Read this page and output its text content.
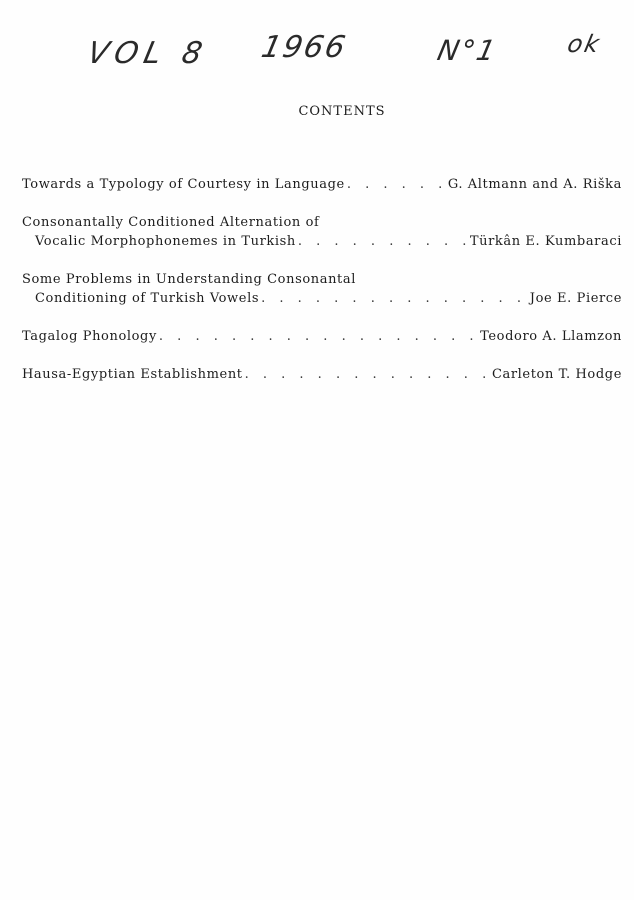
VOL 8 1966	N°1	ok
CONTENTS
Towards a Typology of Courtesy in Language . . .	G. Altmann and A. Riška
Consonantally Conditioned Alternation of
Vocalic Morphophonemes in Turkish . . .	Türkân E. Kumbaraci
Some Problems in Understanding Consonantal
Conditioning of Turkish Vowels . . .	Joe E. Pierce
Tagalog Phonology . . .	Teodoro A. Llamzon
Hausa-Egyptian Establishment . . .	Carleton T. Hodge
